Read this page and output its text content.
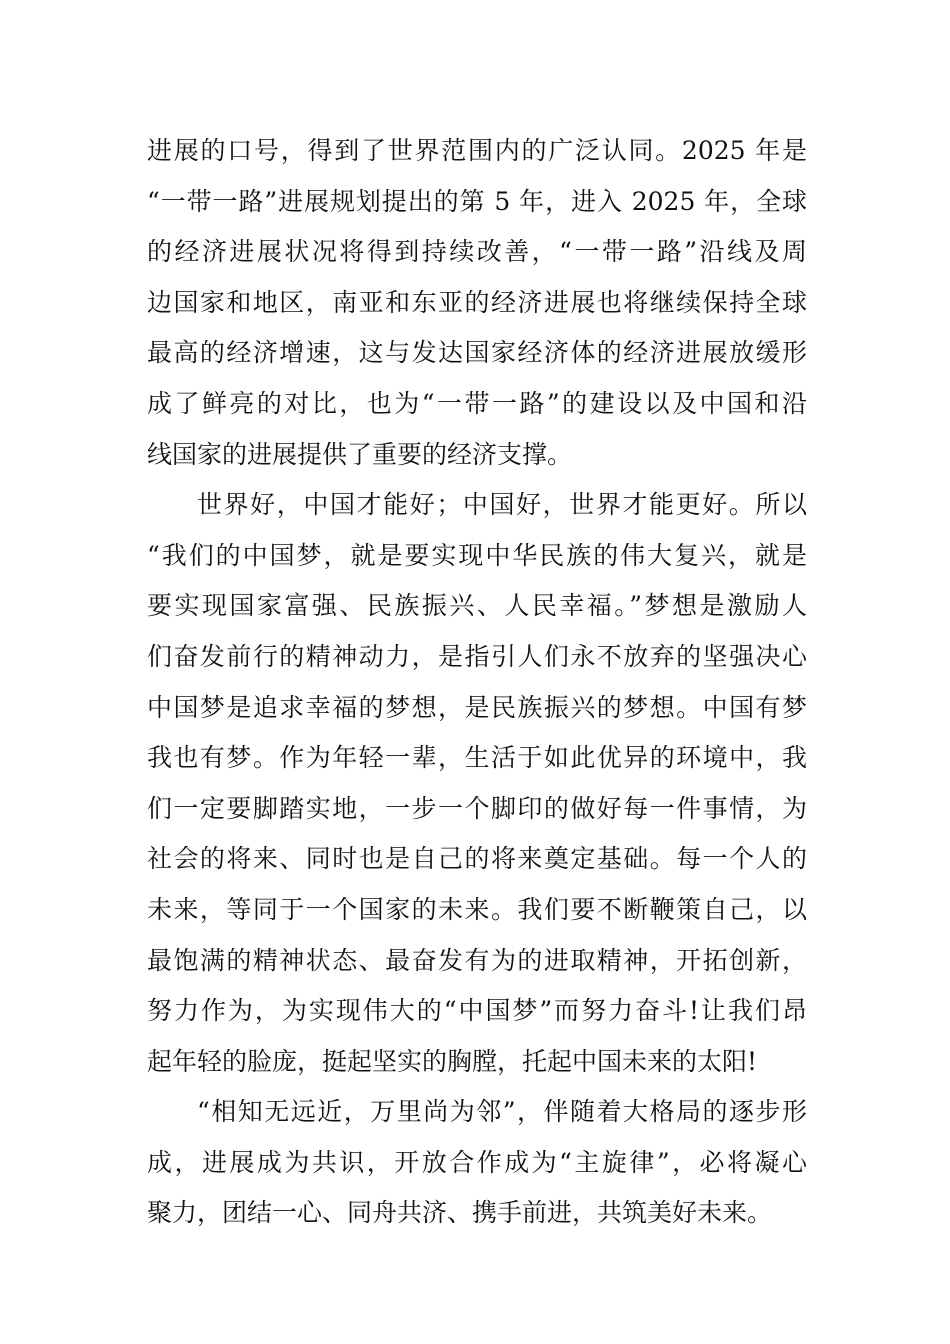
进展的口号，得到了世界范围内的广泛认同。2025 年是
“一带一路”进展规划提出的第 5 年，进入 2025 年，全球
的经济进展状况将得到持续改善，“一带一路”沿线及周
边国家和地区，南亚和东亚的经济进展也将继续保持全球
最高的经济增速，这与发达国家经济体的经济进展放缓形
成了鲜亮的对比，也为“一带一路”的建设以及中国和沿
线国家的进展提供了重要的经济支撑。
世界好，中国才能好；中国好，世界才能更好。所以
“我们的中国梦，就是要实现中华民族的伟大复兴，就是
要实现国家富强、民族振兴、人民幸福。”梦想是激励人
们奋发前行的精神动力，是指引人们永不放弃的坚强决心
中国梦是追求幸福的梦想，是民族振兴的梦想。中国有梦
我也有梦。作为年轻一辈，生活于如此优异的环境中，我
们一定要脚踏实地，一步一个脚印的做好每一件事情，为
社会的将来、同时也是自己的将来奠定基础。每一个人的
未来，等同于一个国家的未来。我们要不断鞭策自己，以
最饱满的精神状态、最奋发有为的进取精神，开拓创新，
努力作为，为实现伟大的“中国梦”而努力奋斗!让我们昂
起年轻的脸庞，挺起坚实的胸膛，托起中国未来的太阳!
“相知无远近，万里尚为邻”，伴随着大格局的逐步形
成，进展成为共识，开放合作成为“主旋律”，必将凝心
聚力，团结一心、同舟共济、携手前进，共筑美好未来。
